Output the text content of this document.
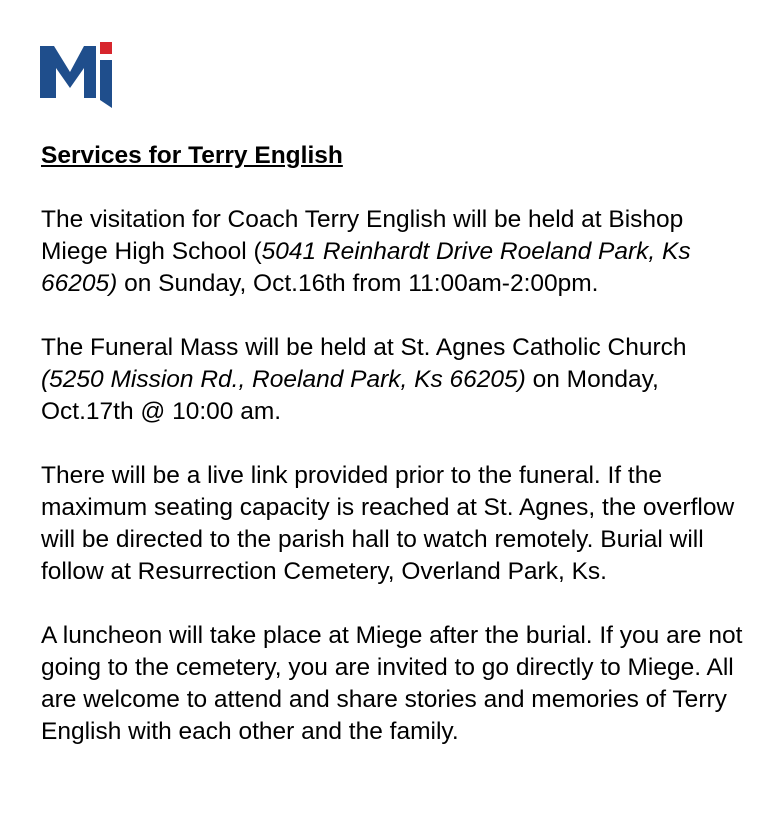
Services for Terry English

The visitation for Coach Terry English will be held at Bishop Miege High School (5041 Reinhardt Drive Roeland Park, Ks 66205) on Sunday, Oct.16th from 11:00am-2:00pm.

The Funeral Mass will be held at St. Agnes Catholic Church (5250 Mission Rd., Roeland Park, Ks 66205) on Monday, Oct.17th @ 10:00 am.

There will be a live link provided prior to the funeral. If the maximum seating capacity is reached at St. Agnes, the overflow will be directed to the parish hall to watch remotely. Burial will follow at Resurrection Cemetery, Overland Park, Ks.

A luncheon will take place at Miege after the burial. If you are not going to the cemetery, you are invited to go directly to Miege. All are welcome to attend and share stories and memories of Terry English with each other and the family.
